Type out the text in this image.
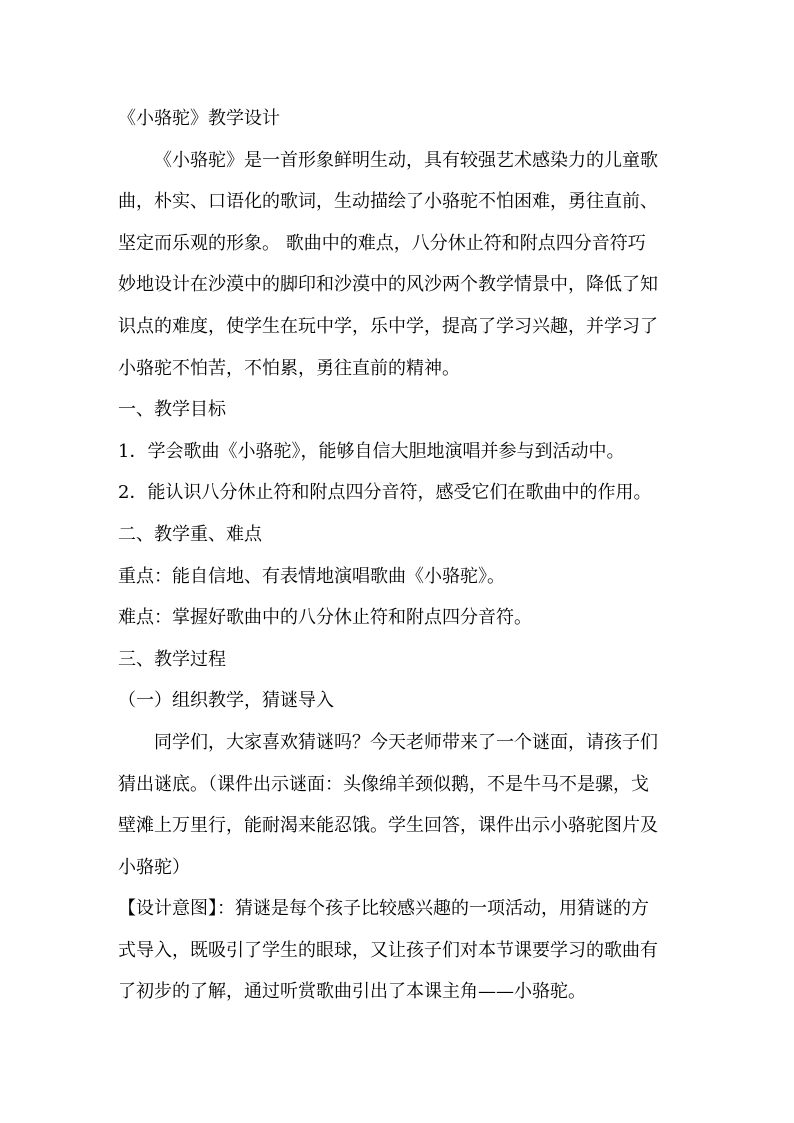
《小骆驼》教学设计
《小骆驼》是一首形象鲜明生动，具有较强艺术感染力的儿童歌
曲，朴实、口语化的歌词，生动描绘了小骆驼不怕困难，勇往直前、
坚定而乐观的形象。 歌曲中的难点，八分休止符和附点四分音符巧
妙地设计在沙漠中的脚印和沙漠中的风沙两个教学情景中，降低了知
识点的难度，使学生在玩中学，乐中学，提高了学习兴趣，并学习了
小骆驼不怕苦，不怕累，勇往直前的精神。
一、教学目标
1．学会歌曲《小骆驼》，能够自信大胆地演唱并参与到活动中。
2．能认识八分休止符和附点四分音符，感受它们在歌曲中的作用。
二、教学重、难点
重点：能自信地、有表情地演唱歌曲《小骆驼》。
难点：掌握好歌曲中的八分休止符和附点四分音符。
三、教学过程
（一）组织教学，猜谜导入
同学们，大家喜欢猜谜吗？今天老师带来了一个谜面，请孩子们
猜出谜底。（课件出示谜面：头像绵羊颈似鹅，不是牛马不是骡，戈
壁滩上万里行，能耐渴来能忍饿。学生回答，课件出示小骆驼图片及
小骆驼）
【设计意图】：猜谜是每个孩子比较感兴趣的一项活动，用猜谜的方
式导入，既吸引了学生的眼球，又让孩子们对本节课要学习的歌曲有
了初步的了解，通过听赏歌曲引出了本课主角——小骆驼。
